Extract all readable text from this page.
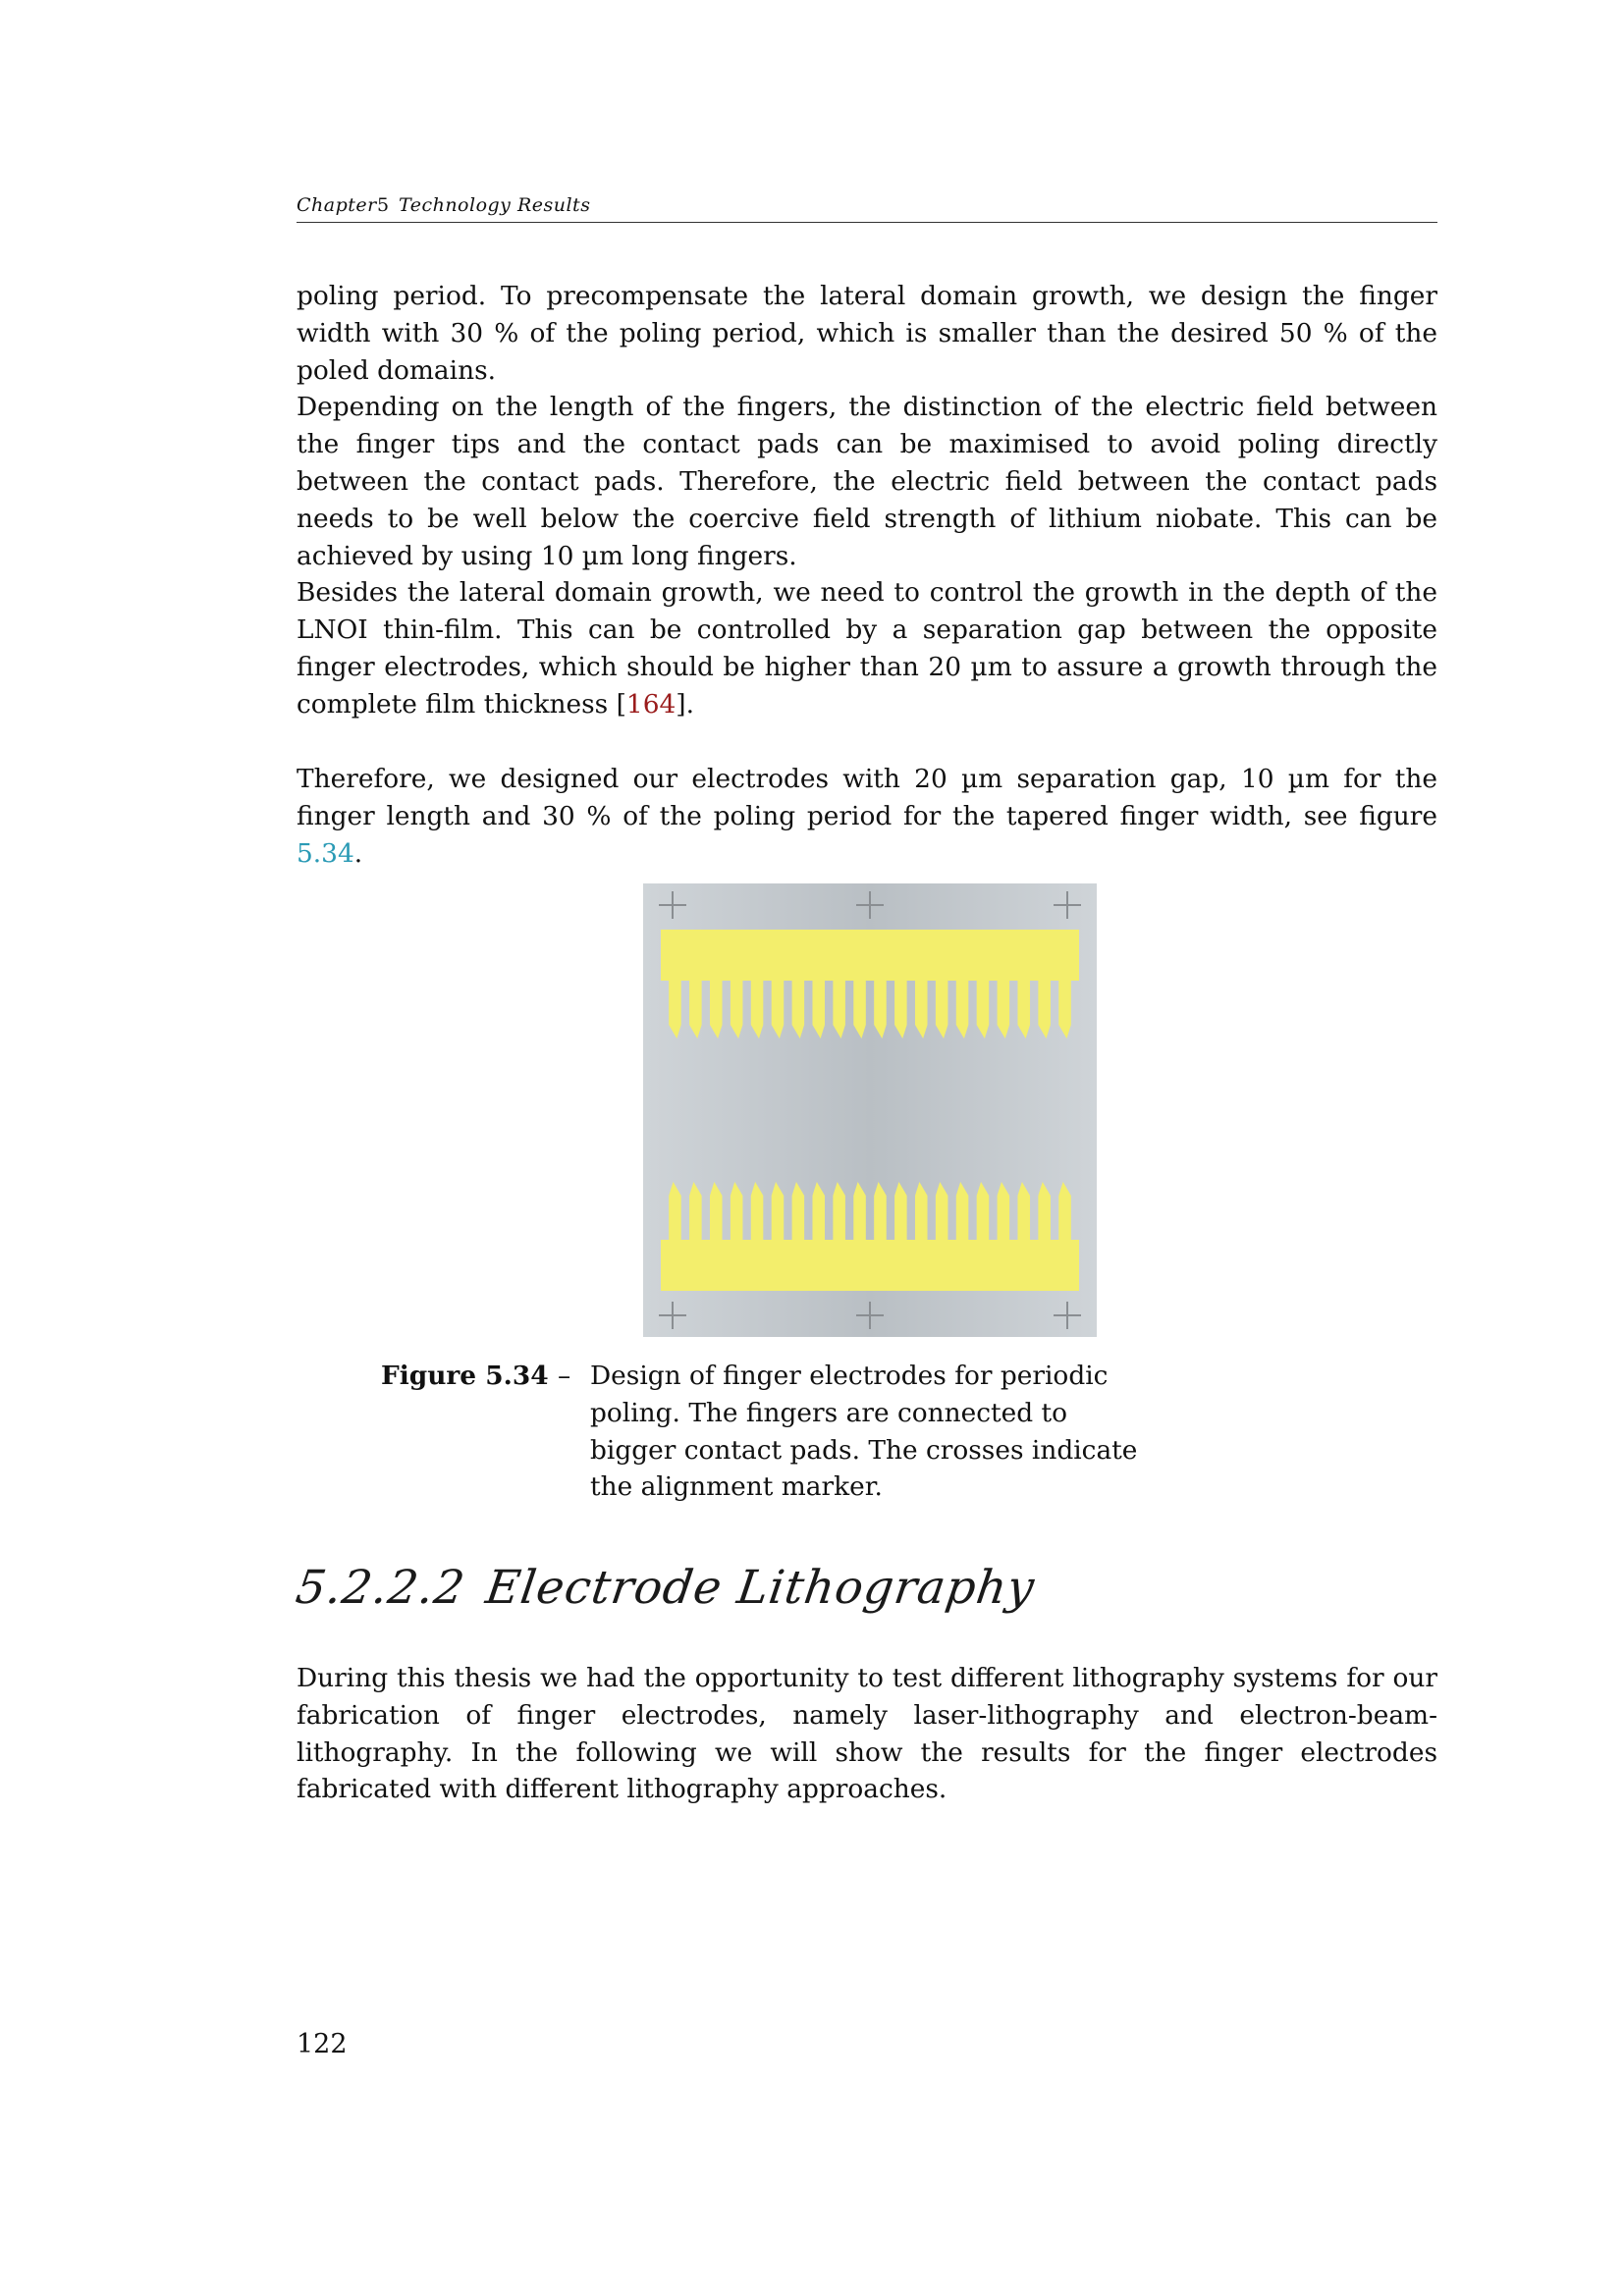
Chapter 5 Technology Results

poling period. To precompensate the lateral domain growth, we design the finger width with 30 % of the poling period, which is smaller than the desired 50 % of the poled domains.

Depending on the length of the fingers, the distinction of the electric field between the finger tips and the contact pads can be maximised to avoid poling directly between the contact pads. Therefore, the electric field between the contact pads needs to be well below the coercive field strength of lithium niobate. This can be achieved by using 10 µm long fingers.

Besides the lateral domain growth, we need to control the growth in the depth of the LNOI thin-film. This can be controlled by a separation gap between the opposite finger electrodes, which should be higher than 20 µm to assure a growth through the complete film thickness [164].

Therefore, we designed our electrodes with 20 µm separation gap, 10 µm for the finger length and 30 % of the poling period for the tapered finger width, see figure 5.34.

Figure 5.34 – Design of finger electrodes for periodic poling. The fingers are connected to bigger contact pads. The crosses indicate the alignment marker.
5.2.2.2 Electrode Lithography

During this thesis we had the opportunity to test different lithography systems for our fabrication of finger electrodes, namely laser-lithography and electron-beam-lithography. In the following we will show the results for the finger electrodes fabricated with different lithography approaches.

122
